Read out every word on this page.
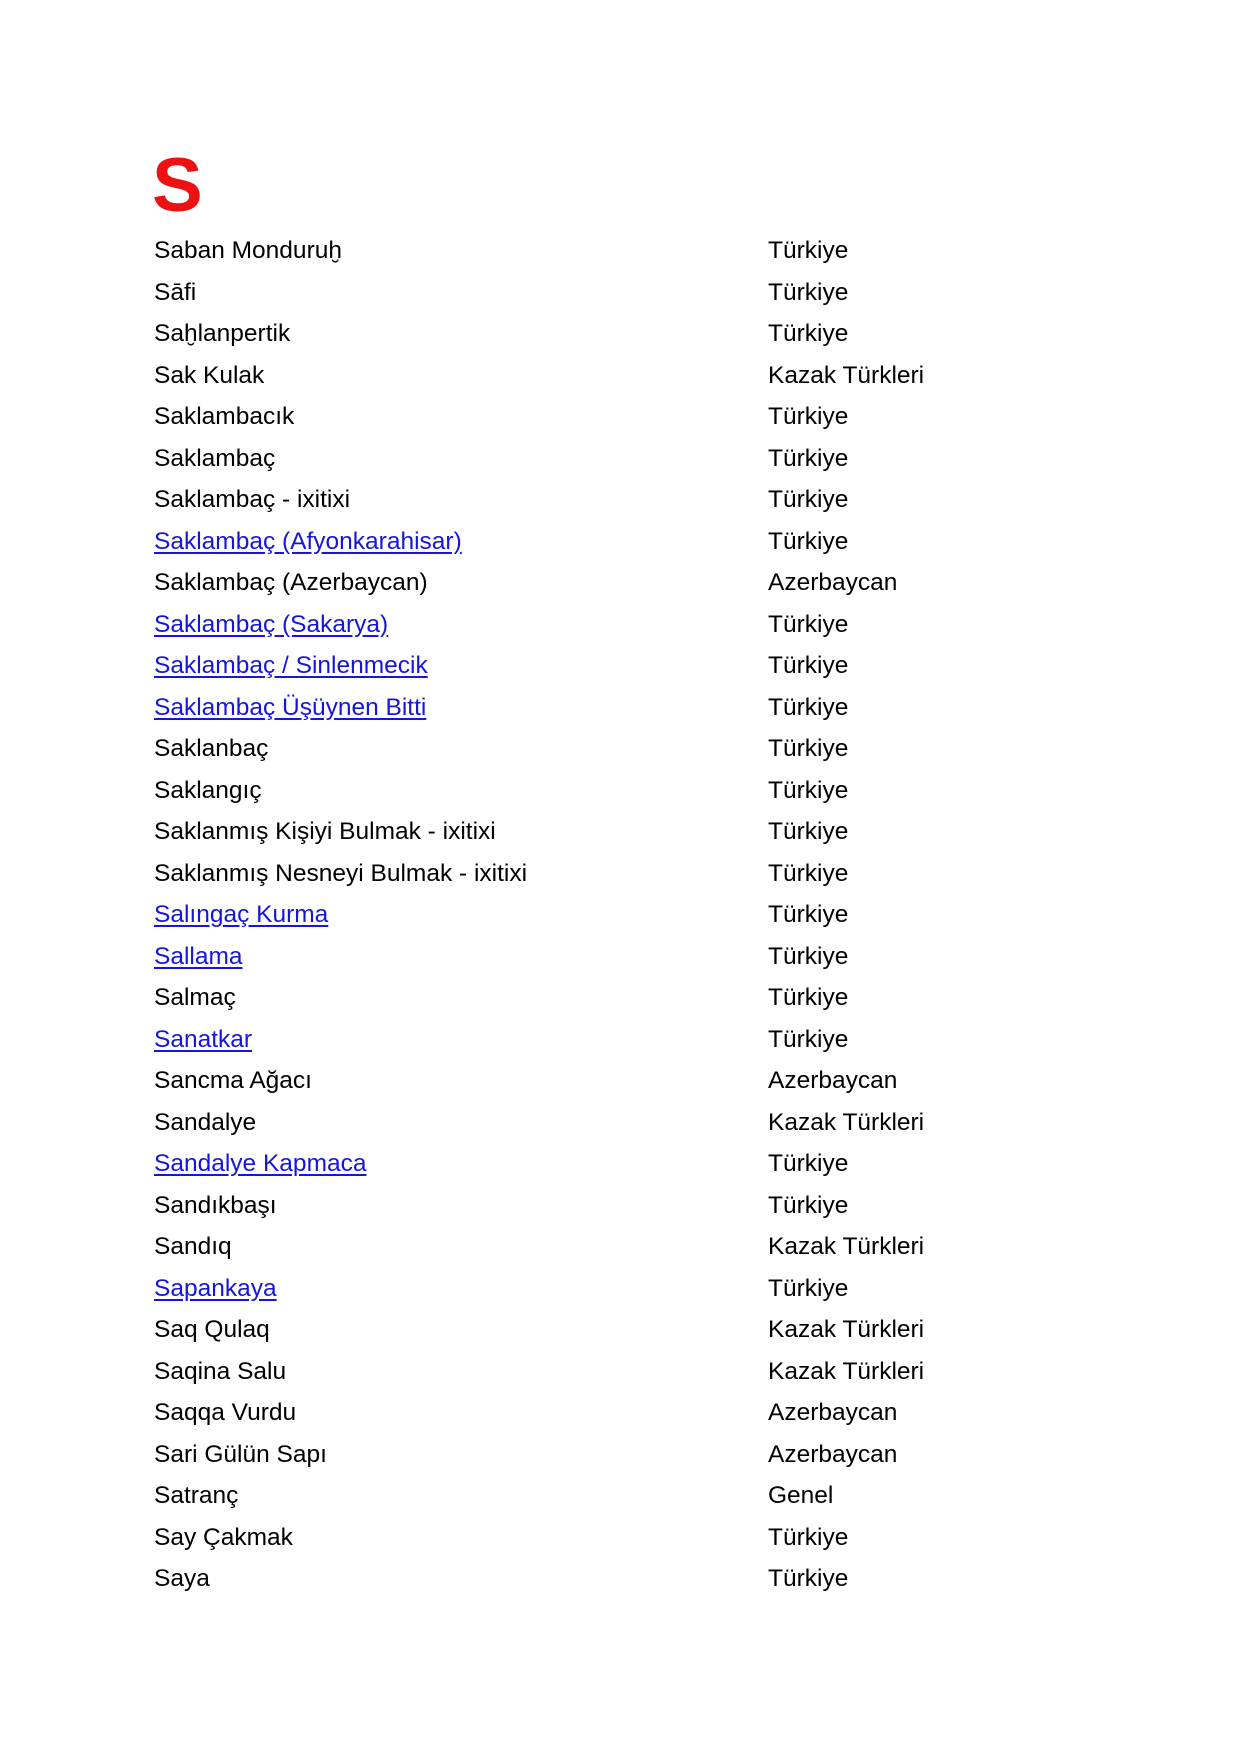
S
Saban Monduruḫ	Türkiye
Sāfi	Türkiye
Saḫlanpertik	Türkiye
Sak Kulak	Kazak Türkleri
Saklambacık	Türkiye
Saklambaç	Türkiye
Saklambaç - ixitixi	Türkiye
Saklambaç (Afyonkarahisar)	Türkiye
Saklambaç (Azerbaycan)	Azerbaycan
Saklambaç (Sakarya)	Türkiye
Saklambaç / Sinlenmecik	Türkiye
Saklambaç Üşüynen Bitti	Türkiye
Saklanbaç	Türkiye
Saklangıç	Türkiye
Saklanmış Kişiyi Bulmak - ixitixi	Türkiye
Saklanmış Nesneyi Bulmak - ixitixi	Türkiye
Salıngaç Kurma	Türkiye
Sallama	Türkiye
Salmaç	Türkiye
Sanatkar	Türkiye
Sancma Ağacı	Azerbaycan
Sandalye	Kazak Türkleri
Sandalye Kapmaca	Türkiye
Sandıkbaşı	Türkiye
Sandıq	Kazak Türkleri
Sapankaya	Türkiye
Saq Qulaq	Kazak Türkleri
Saqina Salu	Kazak Türkleri
Saqqa Vurdu	Azerbaycan
Sari Gülün Sapı	Azerbaycan
Satranç	Genel
Say Çakmak	Türkiye
Saya	Türkiye
